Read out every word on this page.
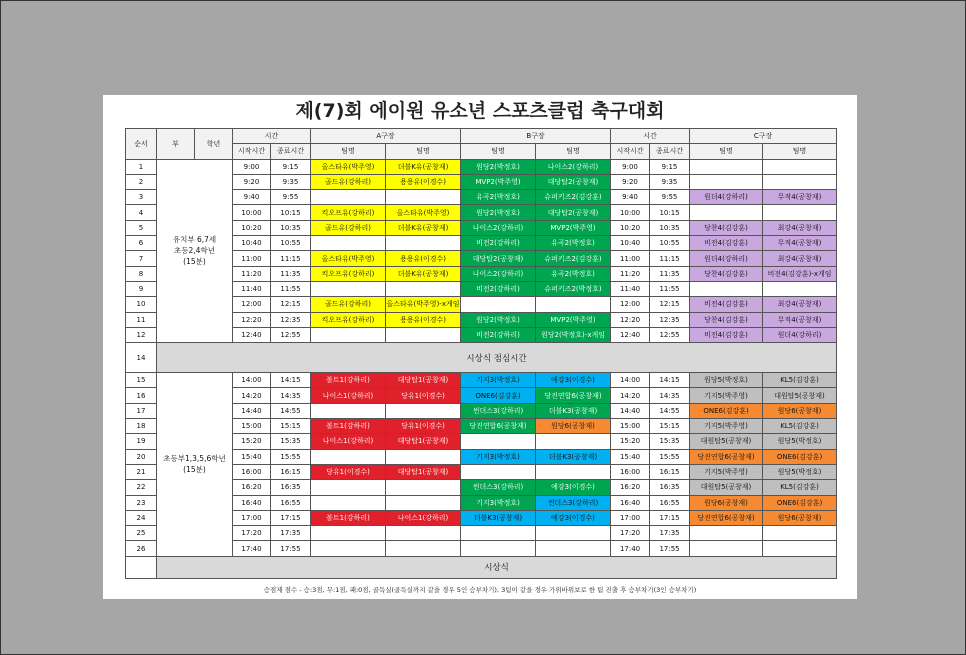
제(7)회 에이원 유소년 스포츠클럽 축구대회
순서	부	학년	시간		A구장		B구장		시간		C구장	
			시작시간	종료시간	팀명	팀명	팀명	팀명	시작시간	종료시간	팀명	팀명
1	유치부 6,7세
초등2,4학년
(15분)		9:00	9:15	올스타유(박주영)	더블K유(공창재)	원당2(박정호)	나이스2(강하리)	9:00	9:15		
2			9:20	9:35	골드유(강하리)	용용유(이경수)	MVP2(박주영)	대당탑2(공창재)	9:20	9:35		
3			9:40	9:55			유곡2(박정호)	슈퍼키즈2(김강훈)	9:40	9:55	원더4(강하리)	무적4(공창재)
4			10:00	10:15	킥오프유(강하리)	올스타유(박주영)	원당2(박정호)	대당탑2(공창재)	10:00	10:15		
5			10:20	10:35	골드유(강하리)	더블K유(공창재)	나이스2(강하리)	MVP2(박주영)	10:20	10:35	당찬4(김강훈)	최강4(공창재)
6			10:40	10:55			비전2(강하리)	유곡2(박정호)	10:40	10:55	비전4(김강훈)	무적4(공창재)
7			11:00	11:15	올스타유(박주영)	용용유(이경수)	대당탑2(공창재)	슈퍼키즈2(김강훈)	11:00	11:15	원더4(강하리)	최강4(공창재)
8			11:20	11:35	킥오프유(강하리)	더블K유(공창재)	나이스2(강하리)	유곡2(박정호)	11:20	11:35	당찬4(김강훈)	비전4(김강훈)-x게임
9			11:40	11:55			비전2(강하리)	슈퍼키즈2(박정호)	11:40	11:55		
10			12:00	12:15	골드유(강하리)	올스타유(박주영)-x게임			12:00	12:15	비전4(김강훈)	최강4(공창재)
11			12:20	12:35	킥오프유(강하리)	용용유(이경수)	원당2(박정호)	MVP2(박주영)	12:20	12:35	당찬4(김강훈)	무적4(공창재)
12			12:40	12:55			비전2(강하리)	원당2(박정호)-x게임	12:40	12:55	비전4(김강훈)	원더4(강하리)
14	시상식 점심시간											
15	초등부1,3,5,6학년
(15분)		14:00	14:15	볼트1(강하리)	대당탑1(공창재)	기지3(박정호)	예강3(이경수)	14:00	14:15	원당5(박정호)	KL5(김강훈)
16			14:20	14:35	나이스1(강하리)	당유1(이경수)	ONE6(김강훈)	당진연합6(공창재)	14:20	14:35	기지5(박주영)	대원탑5(공창재)
17			14:40	14:55			썬더스3(강하리)	더블K3(공창재)	14:40	14:55	ONE6(김강훈)	원당6(공창재)
18			15:00	15:15	볼트1(강하리)	당유1(이경수)	당진연합6(공창재)	원당6(공창재)	15:00	15:15	기지5(박주영)	KL5(김강훈)
19			15:20	15:35	나이스1(강하리)	대당탑1(공창재)			15:20	15:35	대원탑5(공창재)	원당5(박정호)
20			15:40	15:55			기지3(박정호)	더블K3(공창재)	15:40	15:55	당진연합6(공창재)	ONE6(김강훈)
21			16:00	16:15	당유1(이경수)	대당탑1(공창재)			16:00	16:15	기지5(박주영)	원당5(박정호)
22			16:20	16:35			썬더스3(강하리)	예강3(이경수)	16:20	16:35	대원탑5(공창재)	KL5(김강훈)
23			16:40	16:55			기지3(박정호)	썬더스3(강하리)	16:40	16:55	원당6(공창재)	ONE6(김강훈)
24			17:00	17:15	볼트1(강하리)	나이스1(강하리)	더블K3(공창재)	예강3(이경수)	17:00	17:15	당진연합6(공창재)	원당6(공창재)
25			17:20	17:35					17:20	17:35		
26			17:40	17:55					17:40	17:55		
	시상식											
승점제 점수 - 승:3점, 무:1점, 패:0점, 골득실(골득실까지 같을 경우 5인 승부차기), 3팀이 같을 경우 가위바위보로 한 팀 진출 후 승부차기(3인 승부차기)
